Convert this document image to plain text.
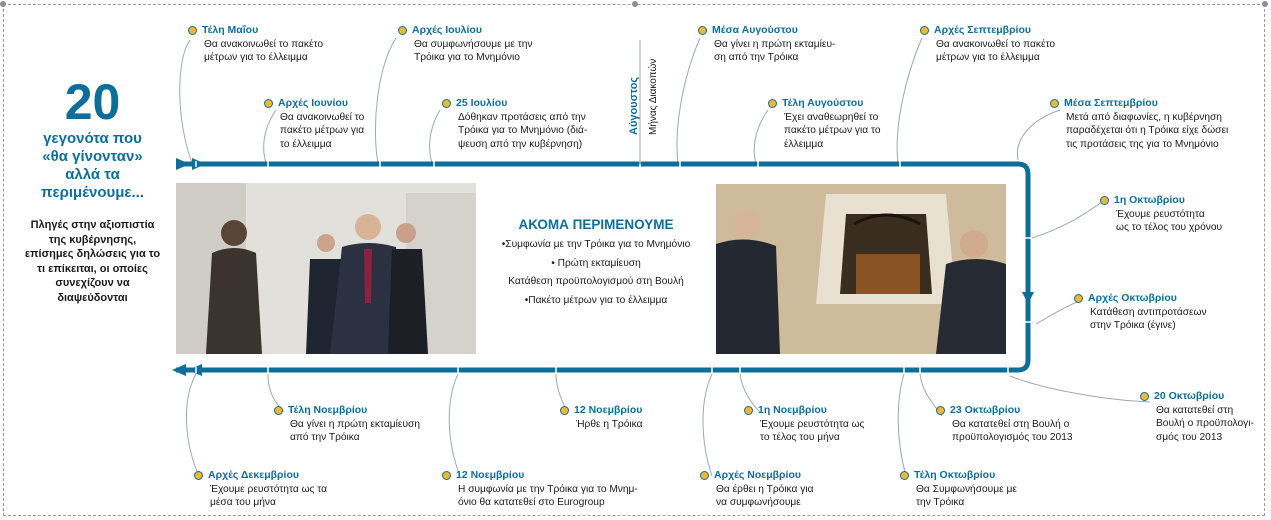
20
γεγονότα που
«θα γίνονταν»
αλλά τα
περιμένουμε...
Πληγές στην αξιοπιστία
της κυβέρνησης,
επίσημες δηλώσεις για το
τι επίκειται, οι οποίες
συνεχίζουν να
διαψεύδονται
Αύγουστος Μήνας Διακοπών
ΑΚΟΜΑ ΠΕΡΙΜΕΝΟΥΜΕ
•Συμφωνία με την Τρόικα για το Μνημόνιο
• Πρώτη εκταμίευση
Κατάθεση προϋπολογισμού στη Βουλή
•Πακέτο μέτρων για το έλλειμμα
Τέλη Μαΐου
Θα ανακοινωθεί το πακέτο
μέτρων για το έλλειμμα
Αρχές Ιουνίου
Θα ανακοινωθεί το
πακέτο μέτρων για
το έλλειμμα
Αρχές Ιουλίου
Θα συμφωνήσουμε με την
Τρόικα για το Μνημόνιο
25 Ιουλίου
Δόθηκαν προτάσεις από την
Τρόικα για το Μνημόνιο (διά-
ψευση από την κυβέρνηση)
Μέσα Αυγούστου
Θα γίνει η πρώτη εκταμίευ-
ση από την Τρόικα
Τέλη Αυγούστου
Έχει αναθεωρηθεί το
πακέτο μέτρων για το
έλλειμμα
Αρχές Σεπτεμβρίου
Θα ανακοινωθεί το πακέτο
μέτρων για το έλλειμμα
Μέσα Σεπτεμβρίου
Μετά από διαφωνίες, η κυβέρνηση
παραδέχεται ότι η Τρόικα είχε δώσει
τις προτάσεις της για το Μνημόνιο
1η Οκτωβρίου
Έχουμε ρευστότητα
ως το τέλος του χρόνου
Αρχές Οκτωβρίου
Κατάθεση αντιπροτάσεων
στην Τρόικα (έγινε)
20 Οκτωβρίου
Θα κατατεθεί στη
Βουλή ο προϋπολογι-
σμός του 2013
23 Οκτωβρίου
Θα κατατεθεί στη Βουλή ο
προϋπολογισμός του 2013
Τέλη Οκτωβρίου
Θα Συμφωνήσουμε με
την Τρόικα
1η Νοεμβρίου
Έχουμε ρευστότητα ως
το τέλος του μήνα
Αρχές Νοεμβρίου
Θα έρθει η Τρόικα για
να συμφωνήσουμε
12 Νοεμβρίου
Ήρθε η Τρόικα
12 Νοεμβρίου
Η συμφωνία με την Τρόικα για το Μνημ-
όνιο θα κατατεθεί στο Eurogroup
Τέλη Νοεμβρίου
Θα γίνει η πρώτη εκταμίευση
από την Τρόικα
Αρχές Δεκεμβρίου
Έχουμε ρευστότητα ως τα
μέσα του μήνα
